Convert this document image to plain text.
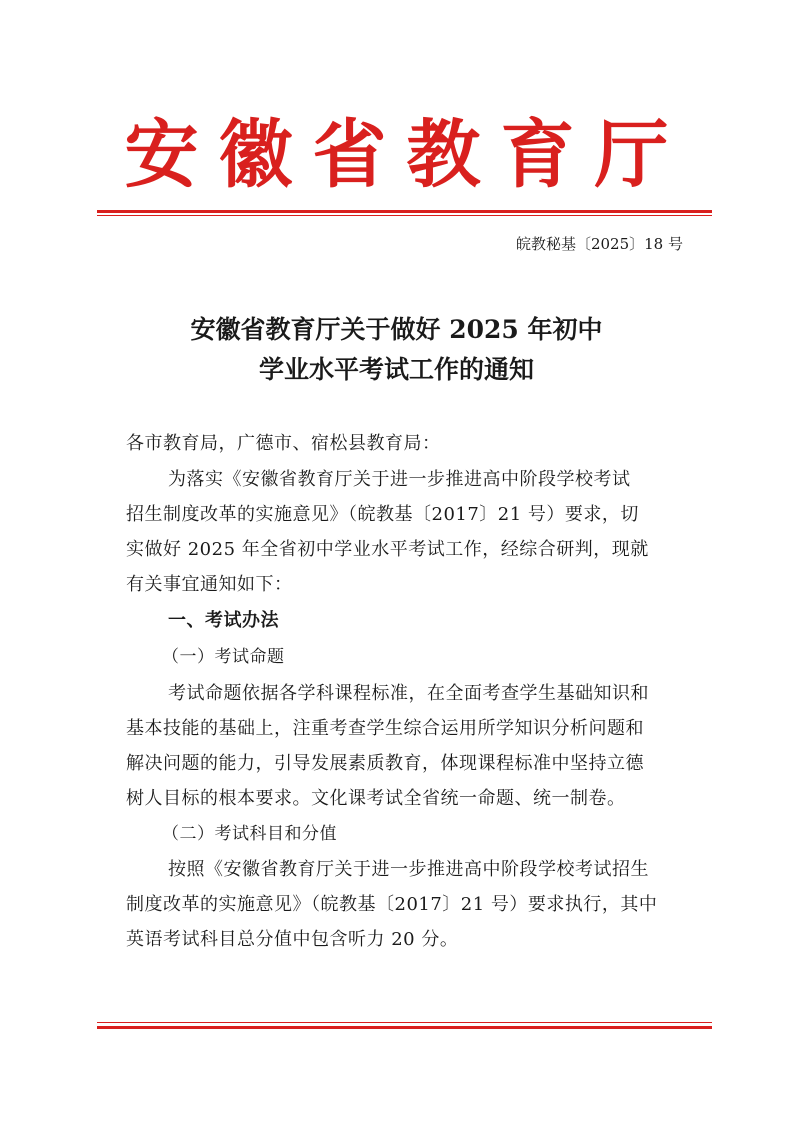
安徽省教育厅
皖教秘基〔2025〕18 号
安徽省教育厅关于做好 2025 年初中
学业水平考试工作的通知
各市教育局，广德市、宿松县教育局：
为落实《安徽省教育厅关于进一步推进高中阶段学校考试
招生制度改革的实施意见》（皖教基〔2017〕21 号）要求，切
实做好 2025 年全省初中学业水平考试工作，经综合研判，现就
有关事宜通知如下：
一、考试办法
（一）考试命题
考试命题依据各学科课程标准，在全面考查学生基础知识和
基本技能的基础上，注重考查学生综合运用所学知识分析问题和
解决问题的能力，引导发展素质教育，体现课程标准中坚持立德
树人目标的根本要求。文化课考试全省统一命题、统一制卷。
（二）考试科目和分值
按照《安徽省教育厅关于进一步推进高中阶段学校考试招生
制度改革的实施意见》（皖教基〔2017〕21 号）要求执行，其中
英语考试科目总分值中包含听力 20 分。
